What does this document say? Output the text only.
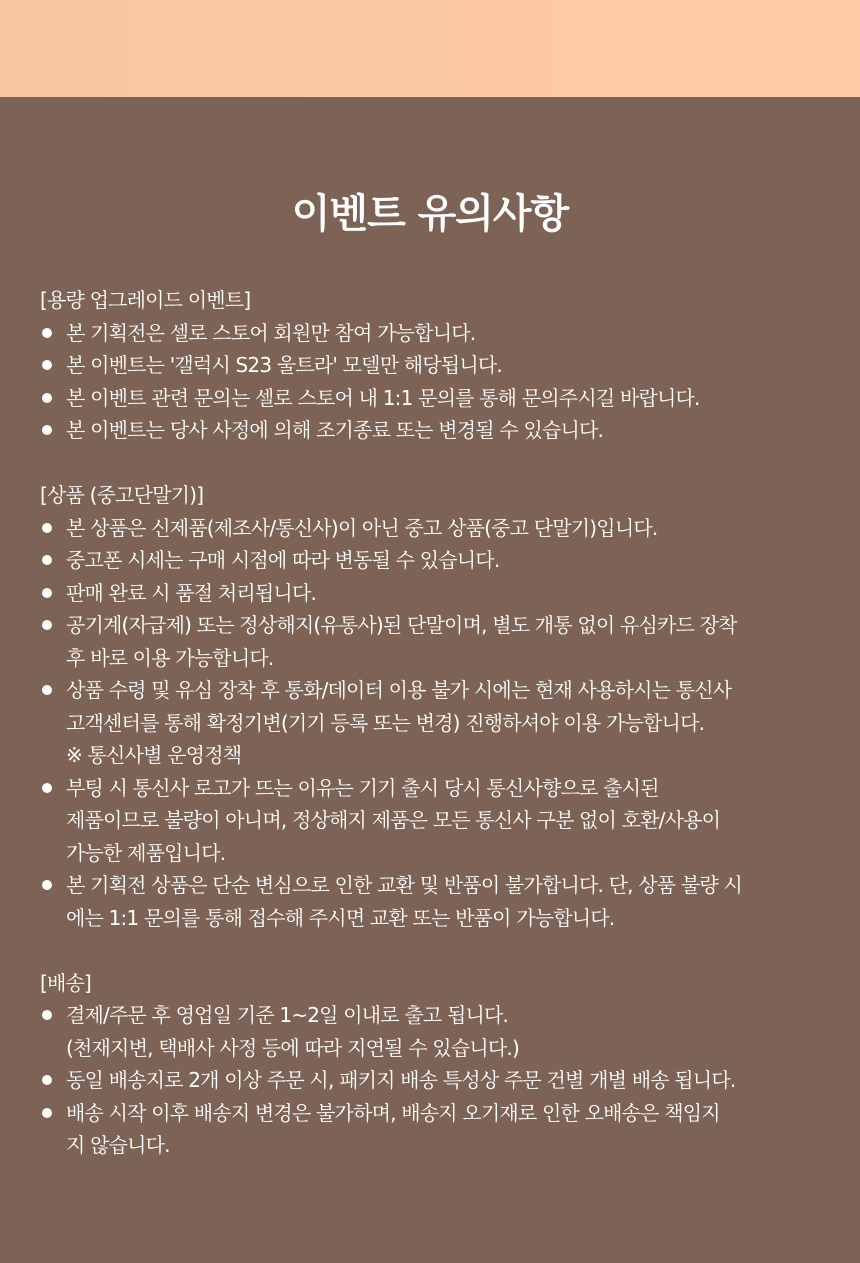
이벤트 유의사항

[용량 업그레이드 이벤트]

본 기획전은 셀로 스토어 회원만 참여 가능합니다.
본 이벤트는 '갤럭시 S23 울트라' 모델만 해당됩니다.
본 이벤트 관련 문의는 셀로 스토어 내 1:1 문의를 통해 문의주시길 바랍니다.
본 이벤트는 당사 사정에 의해 조기종료 또는 변경될 수 있습니다.

[상품 (중고단말기)]

본 상품은 신제품(제조사/통신사)이 아닌 중고 상품(중고 단말기)입니다.
중고폰 시세는 구매 시점에 따라 변동될 수 있습니다.
판매 완료 시 품절 처리됩니다.
공기계(자급제) 또는 정상해지(유통사)된 단말이며, 별도 개통 없이 유심카드 장착
후 바로 이용 가능합니다.
상품 수령 및 유심 장착 후 통화/데이터 이용 불가 시에는 현재 사용하시는 통신사
고객센터를 통해 확정기변(기기 등록 또는 변경) 진행하셔야 이용 가능합니다.
※ 통신사별 운영정책
부팅 시 통신사 로고가 뜨는 이유는 기기 출시 당시 통신사향으로 출시된
제품이므로 불량이 아니며, 정상해지 제품은 모든 통신사 구분 없이 호환/사용이
가능한 제품입니다.
본 기획전 상품은 단순 변심으로 인한 교환 및 반품이 불가합니다. 단, 상품 불량 시
에는 1:1 문의를 통해 접수해 주시면 교환 또는 반품이 가능합니다.

[배송]

결제/주문 후 영업일 기준 1~2일 이내로 출고 됩니다.
(천재지변, 택배사 사정 등에 따라 지연될 수 있습니다.)
동일 배송지로 2개 이상 주문 시, 패키지 배송 특성상 주문 건별 개별 배송 됩니다.
배송 시작 이후 배송지 변경은 불가하며, 배송지 오기재로 인한 오배송은 책임지
지 않습니다.
